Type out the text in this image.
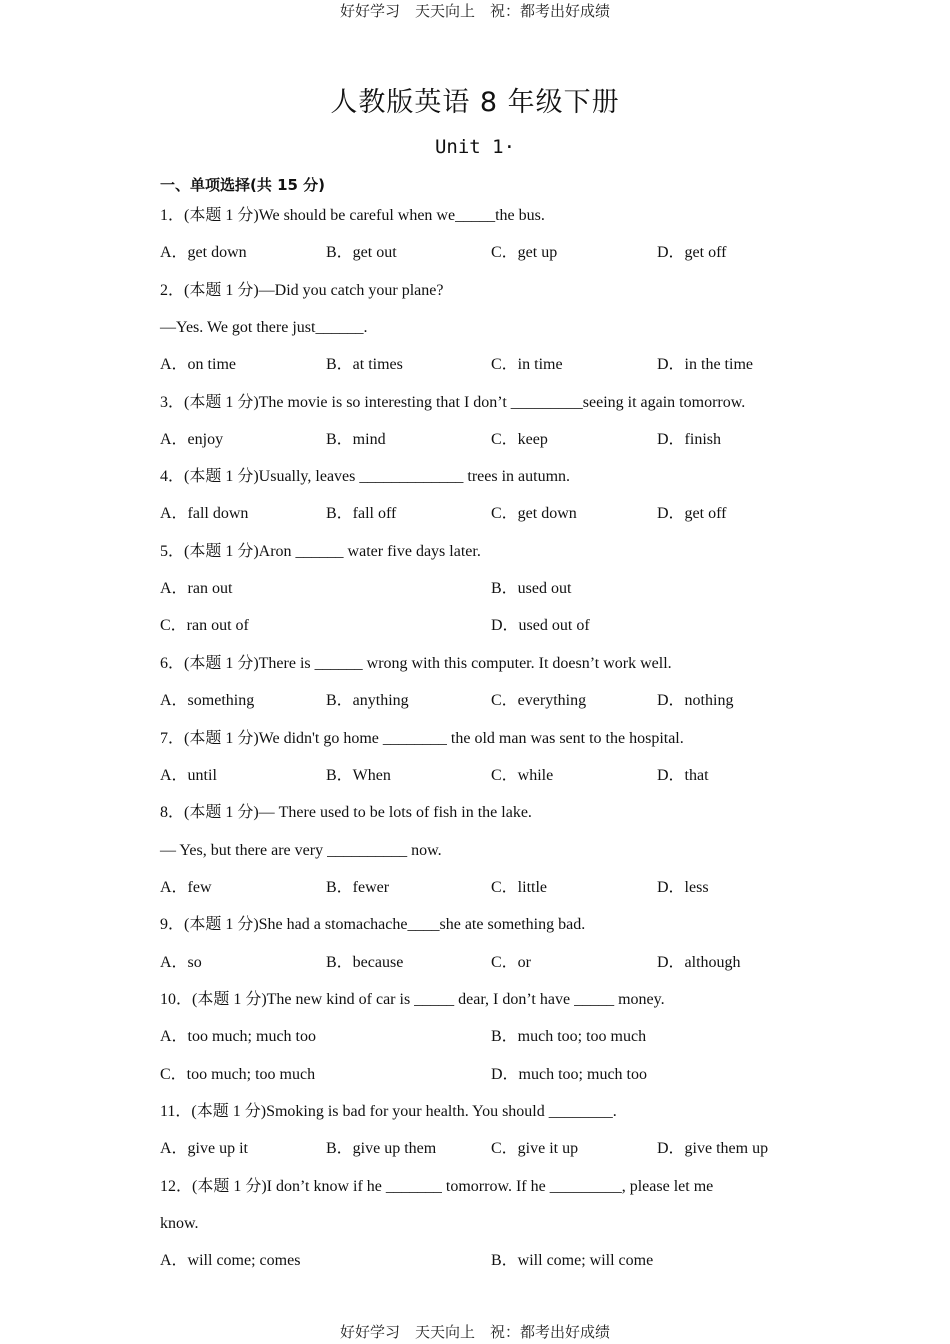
好好学习　天天向上　祝：都考出好成绩
人教版英语 8 年级下册
Unit 1·
一、单项选择(共 15 分)
1．(本题 1 分)We should be careful when we_____the bus.
A．get down	B．get out	C．get up	D．get off
2．(本题 1 分)—Did you catch your plane?
—Yes. We got there just______.
A．on time	B．at times	C．in time	D．in the time
3．(本题 1 分)The movie is so interesting that I don’t _________seeing it again tomorrow.
A．enjoy	B．mind	C．keep	D．finish
4．(本题 1 分)Usually, leaves _____________ trees in autumn.
A．fall down	B．fall off	C．get down	D．get off
5．(本题 1 分)Aron ______ water five days later.
A．ran out	B．used out
C．ran out of	D．used out of
6．(本题 1 分)There is ______ wrong with this computer. It doesn’t work well.
A．something	B．anything	C．everything	D．nothing
7．(本题 1 分)We didn't go home ________ the old man was sent to the hospital.
A．until	B．When	C．while	D．that
8．(本题 1 分)— There used to be lots of fish in the lake.
— Yes, but there are very __________ now.
A．few	B．fewer	C．little	D．less
9．(本题 1 分)She had a stomachache____she ate something bad.
A．so	B．because	C．or	D．although
10．(本题 1 分)The new kind of car is _____ dear, I don’t have _____ money.
A．too much; much too	B．much too; too much
C．too much; too much	D．much too; much too
11．(本题 1 分)Smoking is bad for your health. You should ________.
A．give up it	B．give up them	C．give it up	D．give them up
12．(本题 1 分)I don’t know if he _______ tomorrow. If he _________, please let me
know.
A．will come; comes	B．will come; will come
好好学习　天天向上　祝：都考出好成绩
